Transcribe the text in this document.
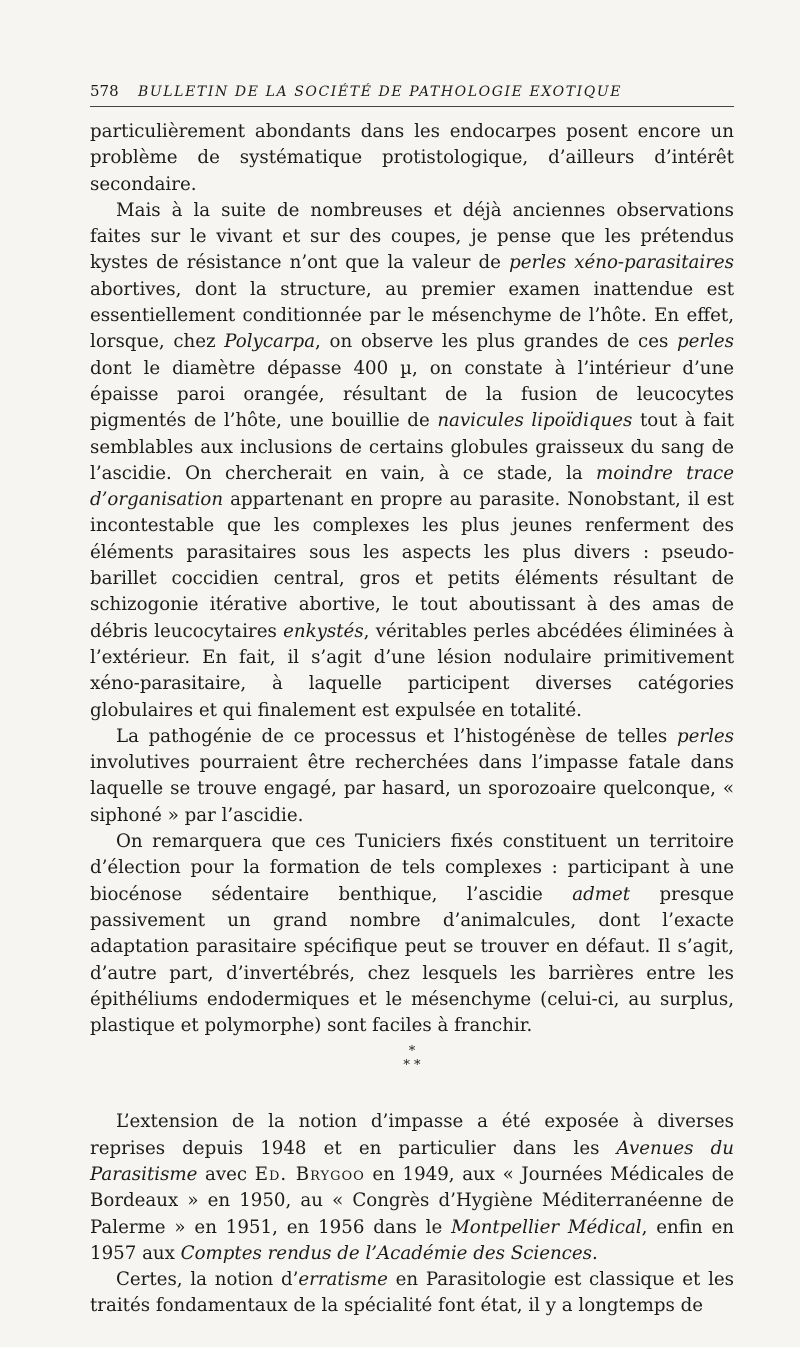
578	BULLETIN DE LA SOCIÉTÉ DE PATHOLOGIE EXOTIQUE

particulièrement abondants dans les endocarpes posent encore un problème de systématique protistologique, d’ailleurs d’intérêt secondaire.

Mais à la suite de nombreuses et déjà anciennes observations faites sur le vivant et sur des coupes, je pense que les prétendus kystes de résistance n’ont que la valeur de perles xéno-parasitaires abortives, dont la structure, au premier examen inattendue est essentiellement conditionnée par le mésenchyme de l’hôte. En effet, lorsque, chez Polycarpa, on observe les plus grandes de ces perles dont le diamètre dépasse 400 µ, on constate à l’intérieur d’une épaisse paroi orangée, résultant de la fusion de leucocytes pigmentés de l’hôte, une bouillie de navicules lipoïdiques tout à fait semblables aux inclusions de certains globules graisseux du sang de l’ascidie. On chercherait en vain, à ce stade, la moindre trace d’organisation appartenant en propre au parasite. Nonobstant, il est incontestable que les complexes les plus jeunes renferment des éléments parasitaires sous les aspects les plus divers : pseudo-barillet coccidien central, gros et petits éléments résultant de schizogonie itérative abortive, le tout aboutissant à des amas de débris leucocytaires enkystés, véritables perles abcédées éliminées à l’extérieur. En fait, il s’agit d’une lésion nodulaire primitivement xéno-parasitaire, à laquelle participent diverses catégories globulaires et qui finalement est expulsée en totalité.

La pathogénie de ce processus et l’histogénèse de telles perles involutives pourraient être recherchées dans l’impasse fatale dans laquelle se trouve engagé, par hasard, un sporozoaire quelconque, « siphoné » par l’ascidie.

On remarquera que ces Tuniciers fixés constituent un territoire d’élection pour la formation de tels complexes : participant à une biocénose sédentaire benthique, l’ascidie admet presque passivement un grand nombre d’animalcules, dont l’exacte adaptation parasitaire spécifique peut se trouver en défaut. Il s’agit, d’autre part, d’invertébrés, chez lesquels les barrières entre les épithéliums endodermiques et le mésenchyme (celui-ci, au surplus, plastique et polymorphe) sont faciles à franchir.

*
* *

L’extension de la notion d’impasse a été exposée à diverses reprises depuis 1948 et en particulier dans les Avenues du Parasitisme avec Ed. Brygoo en 1949, aux « Journées Médicales de Bordeaux » en 1950, au « Congrès d’Hygiène Méditerranéenne de Palerme » en 1951, en 1956 dans le Montpellier Médical, enfin en 1957 aux Comptes rendus de l’Académie des Sciences.

Certes, la notion d’erratisme en Parasitologie est classique et les traités fondamentaux de la spécialité font état, il y a longtemps de
